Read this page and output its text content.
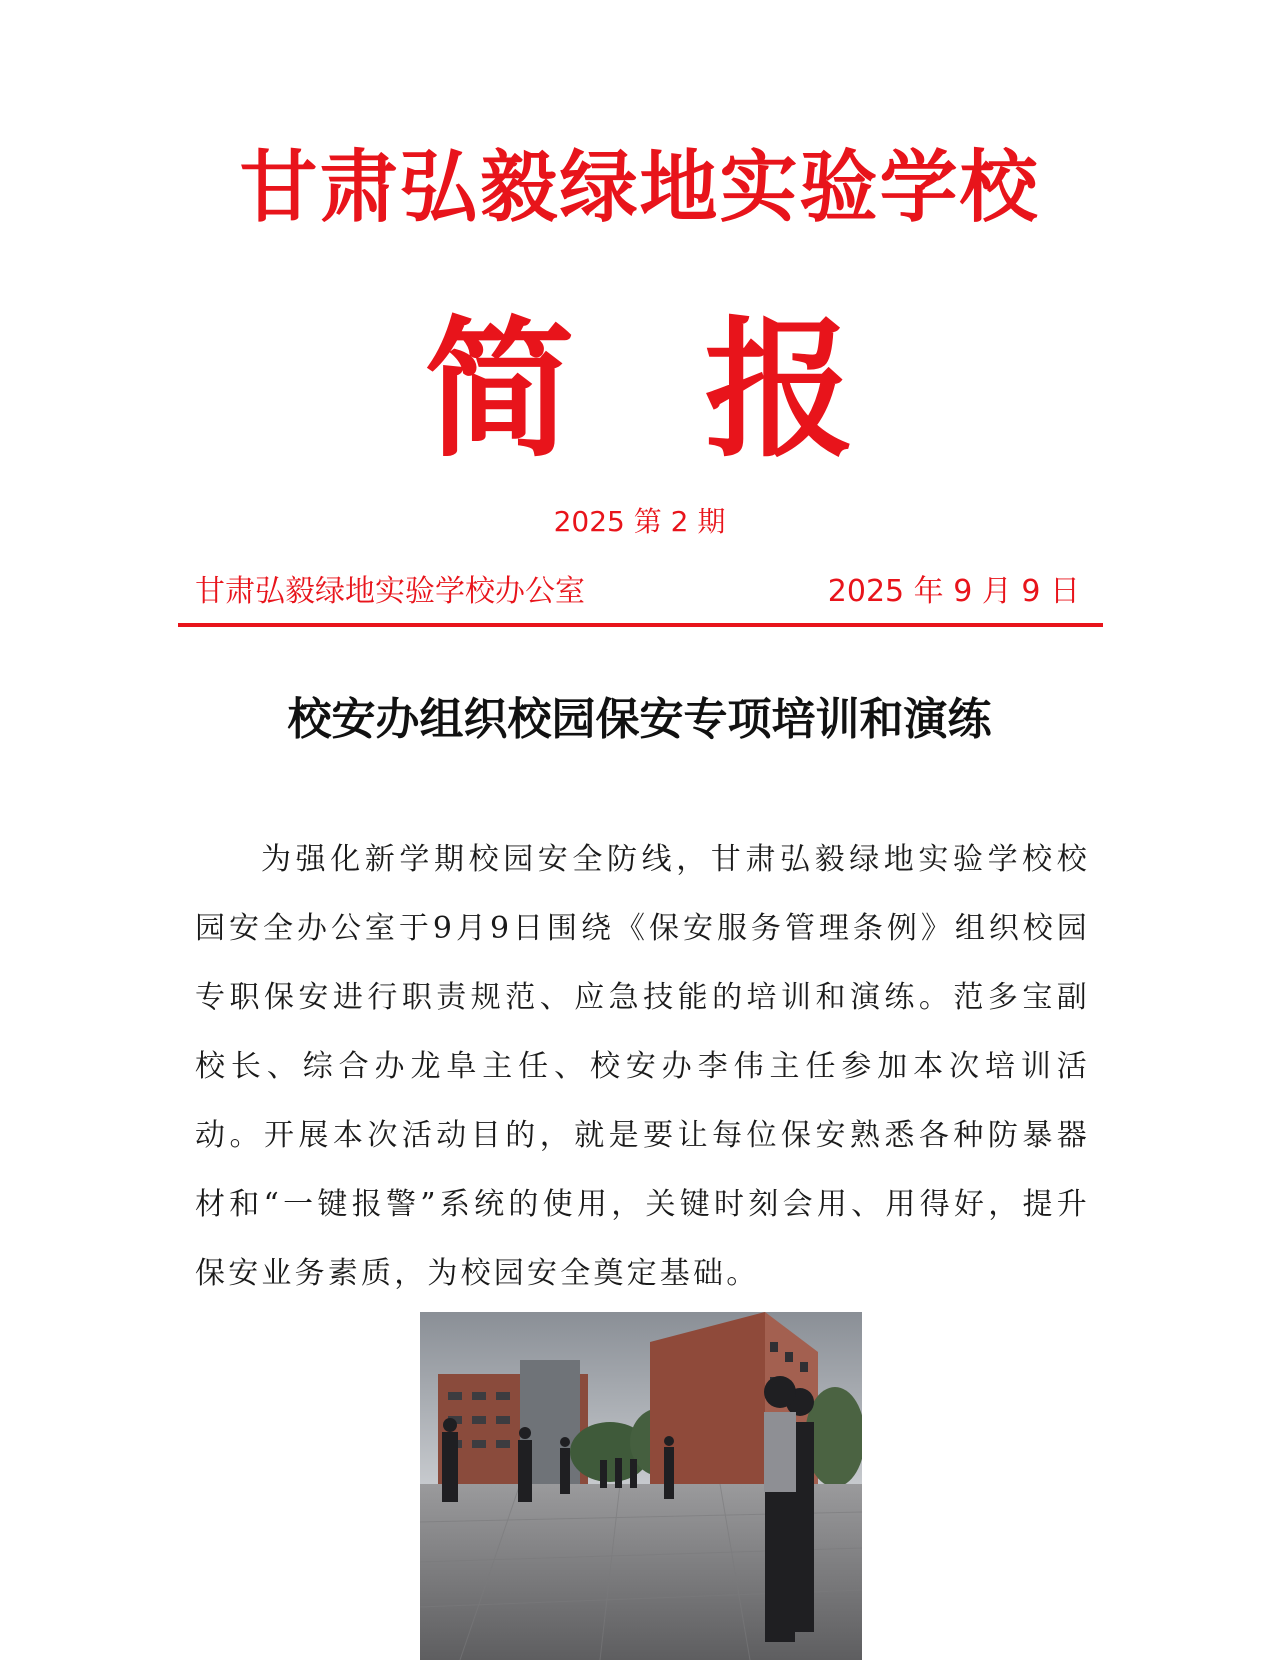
甘肃弘毅绿地实验学校
简报
2025 第 2 期
甘肃弘毅绿地实验学校办公室	2025 年 9 月 9 日
校安办组织校园保安专项培训和演练
为强化新学期校园安全防线，甘肃弘毅绿地实验学校校园安全办公室于9月9日围绕《保安服务管理条例》组织校园专职保安进行职责规范、应急技能的培训和演练。范多宝副校长、综合办龙阜主任、校安办李伟主任参加本次培训活动。开展本次活动目的，就是要让每位保安熟悉各种防暴器材和“一键报警”系统的使用，关键时刻会用、用得好，提升保安业务素质，为校园安全奠定基础。
